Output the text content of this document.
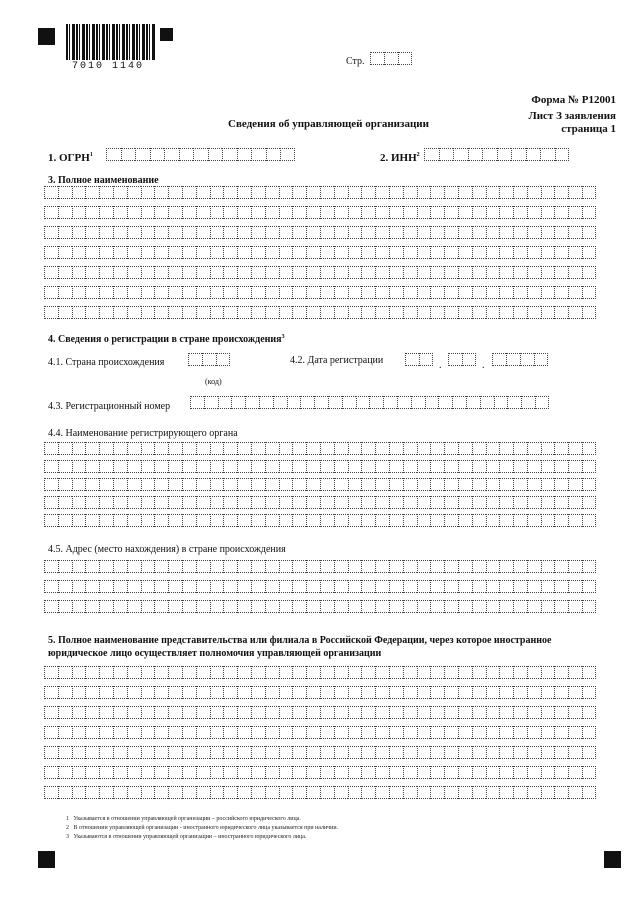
7010 1140	Стр.
Форма № Р12001
Лист З заявления
страница 1
Сведения об управляющей организации
1. ОГРН$^1$	2. ИНН$^2$
3. Полное наименование
4. Сведения о регистрации в стране происхождения$^3$
4.1. Страна происхождения
(код)
4.2. Дата регистрации	.	.
4.3. Регистрационный номер
4.4. Наименование регистрирующего органа
4.5. Адрес (место нахождения) в стране происхождения
5. Полное наименование представительства или филиала в Российской Федерации, через которое иностранное
юридическое лицо осуществляет полномочия управляющей организации
1 Указывается в отношении управляющей организации – российского юридического лица.
2 В отношении управляющей организации - иностранного юридического лица указывается при наличии.
3 Указываются в отношении управляющей организации – иностранного юридического лица.
